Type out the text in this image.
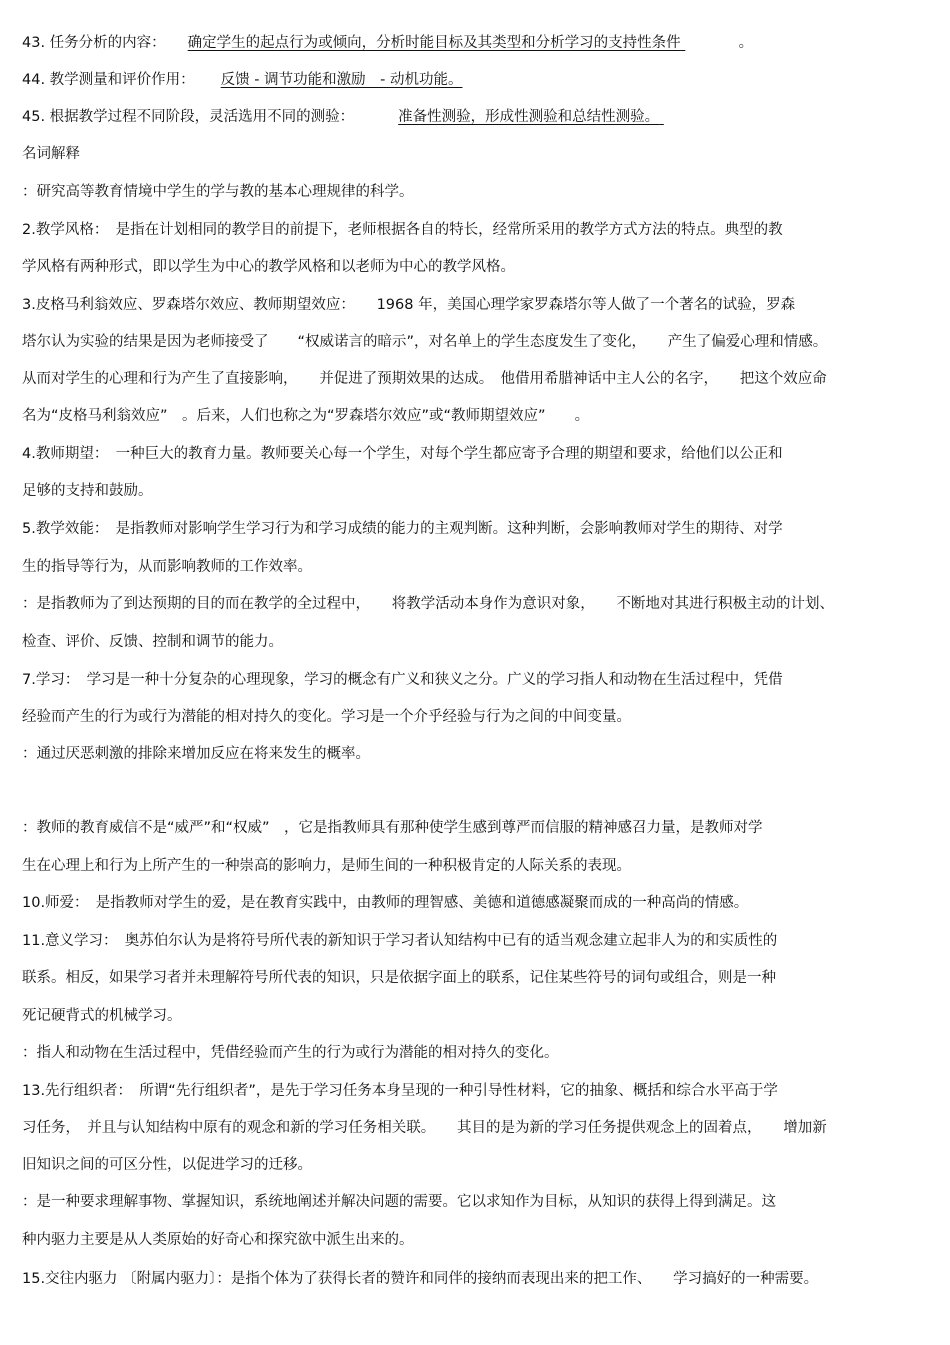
43. 任务分析的内容： 确定学生的起点行为或倾向，分析时能目标及其类型和分析学习的支持性条件	。
44. 教学测量和评价作用： 反馈 - 调节功能和激励　- 动机功能。
45. 根据教学过程不同阶段，灵活选用不同的测验：	准备性测验，形成性测验和总结性测验。
名词解释
：研究高等教育情境中学生的学与教的基本心理规律的科学。
2.教学风格：　是指在计划相同的教学目的前提下，老师根据各自的特长，经常所采用的教学方式方法的特点。典型的教
学风格有两种形式，即以学生为中心的教学风格和以老师为中心的教学风格。
3.皮格马利翁效应、罗森塔尔效应、教师期望效应：　　1968 年，美国心理学家罗森塔尔等人做了一个著名的试验，罗森
塔尔认为实验的结果是因为老师接受了　　“权威诺言的暗示”，对名单上的学生态度发生了变化，　　产生了偏爱心理和情感。
从而对学生的心理和行为产生了直接影响，　　并促进了预期效果的达成。　他借用希腊神话中主人公的名字，　　把这个效应命
名为“皮格马利翁效应”　。后来，人们也称之为“罗森塔尔效应”或“教师期望效应”　　。
4.教师期望：　一种巨大的教育力量。教师要关心每一个学生，对每个学生都应寄予合理的期望和要求，给他们以公正和
足够的支持和鼓励。
5.教学效能：　是指教师对影响学生学习行为和学习成绩的能力的主观判断。这种判断，会影响教师对学生的期待、对学
生的指导等行为，从而影响教师的工作效率。
：是指教师为了到达预期的目的而在教学的全过程中，　　将教学活动本身作为意识对象，　　不断地对其进行积极主动的计划、
检查、评价、反馈、控制和调节的能力。
7.学习：　学习是一种十分复杂的心理现象，学习的概念有广义和狭义之分。广义的学习指人和动物在生活过程中，凭借
经验而产生的行为或行为潜能的相对持久的变化。学习是一个介乎经验与行为之间的中间变量。
：通过厌恶刺激的排除来增加反应在将来发生的概率。
：教师的教育威信不是“威严”和“权威”　，它是指教师具有那种使学生感到尊严而信服的精神感召力量，是教师对学
生在心理上和行为上所产生的一种崇高的影响力，是师生间的一种积极肯定的人际关系的表现。
10.师爱：　是指教师对学生的爱，是在教育实践中，由教师的理智感、美德和道德感凝聚而成的一种高尚的情感。
11.意义学习：　奥苏伯尔认为是将符号所代表的新知识于学习者认知结构中已有的适当观念建立起非人为的和实质性的
联系。相反，如果学习者并未理解符号所代表的知识，只是依据字面上的联系，记住某些符号的词句或组合，则是一种
死记硬背式的机械学习。
：指人和动物在生活过程中，凭借经验而产生的行为或行为潜能的相对持久的变化。
13.先行组织者：　所谓“先行组织者”，是先于学习任务本身呈现的一种引导性材料，它的抽象、概括和综合水平高于学
习任务，　并且与认知结构中原有的观念和新的学习任务相关联。　　其目的是为新的学习任务提供观念上的固着点，　　增加新
旧知识之间的可区分性，以促进学习的迁移。
：是一种要求理解事物、掌握知识，系统地阐述并解决问题的需要。它以求知作为目标，从知识的获得上得到满足。这
种内驱力主要是从人类原始的好奇心和探究欲中派生出来的。
15.交往内驱力 〔附属内驱力〕：是指个体为了获得长者的赞许和同伴的接纳而表现出来的把工作、　　学习搞好的一种需要。
